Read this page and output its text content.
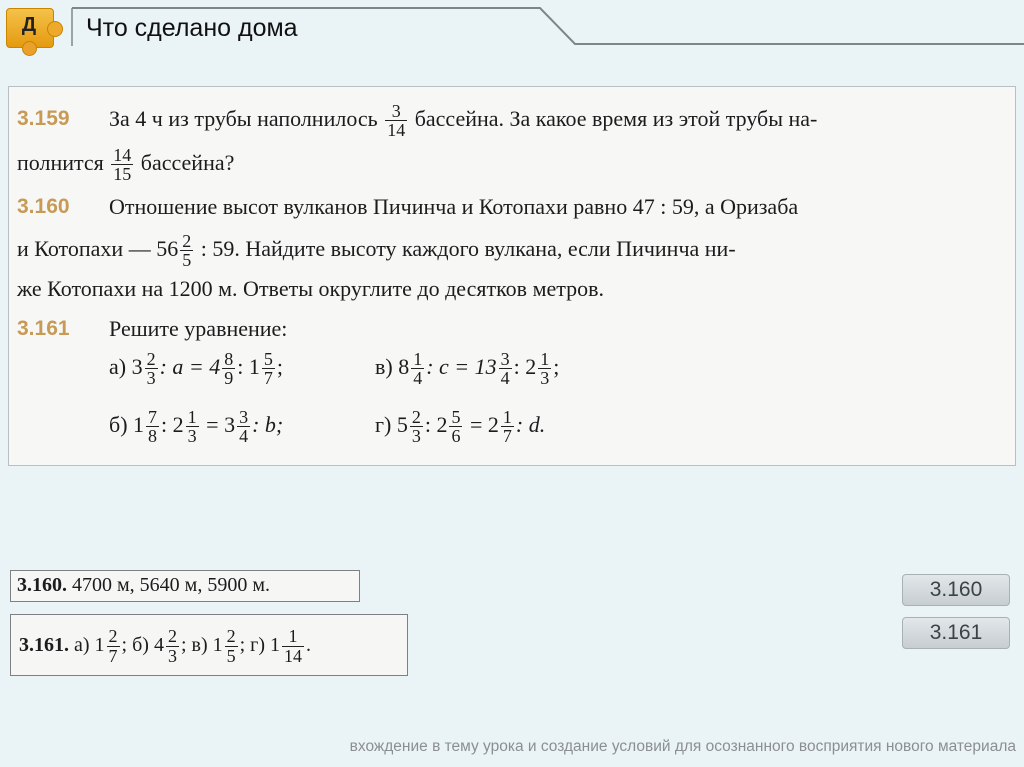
Д	Что сделано дома
3.159 За 4 ч из трубы наполнилось $\frac{3}{14}$ бассейна. За какое время из этой трубы на-
полнится $\frac{14}{15}$ бассейна?
3.160 Отношение высот вулканов Пичинча и Котопахи равно 47 : 59, а Оризаба
и Котопахи — $56 \frac{2}{5}$ : 59. Найдите высоту каждого вулкана, если Пичинча ни-
же Котопахи на 1200 м. Ответы округлите до десятков метров.
3.161 Решите уравнение:
а) $3 \frac{2}{3}$ : $a = 4 \frac{8}{9}$ : $1 \frac{5}{7}$ ;	в) $8 \frac{1}{4}$ : $c = 13 \frac{3}{4}$ : $2 \frac{1}{3}$ ;
б) $1 \frac{7}{8}$ : $2 \frac{1}{3} = 3 \frac{3}{4}$ : b;	г) $5 \frac{2}{3}$ : $2 \frac{5}{6} = 2 \frac{1}{7}$ : d.
3.160. 4700 м, 5640 м, 5900 м.
3.161. а) $1 \frac{2}{7}$ ; б) $4 \frac{2}{3}$ ; в) $1 \frac{2}{5}$ ; г) $1 \frac{1}{14}$ .
3.160
3.161
вхождение в тему урока и создание условий для осознанного восприятия нового материала
